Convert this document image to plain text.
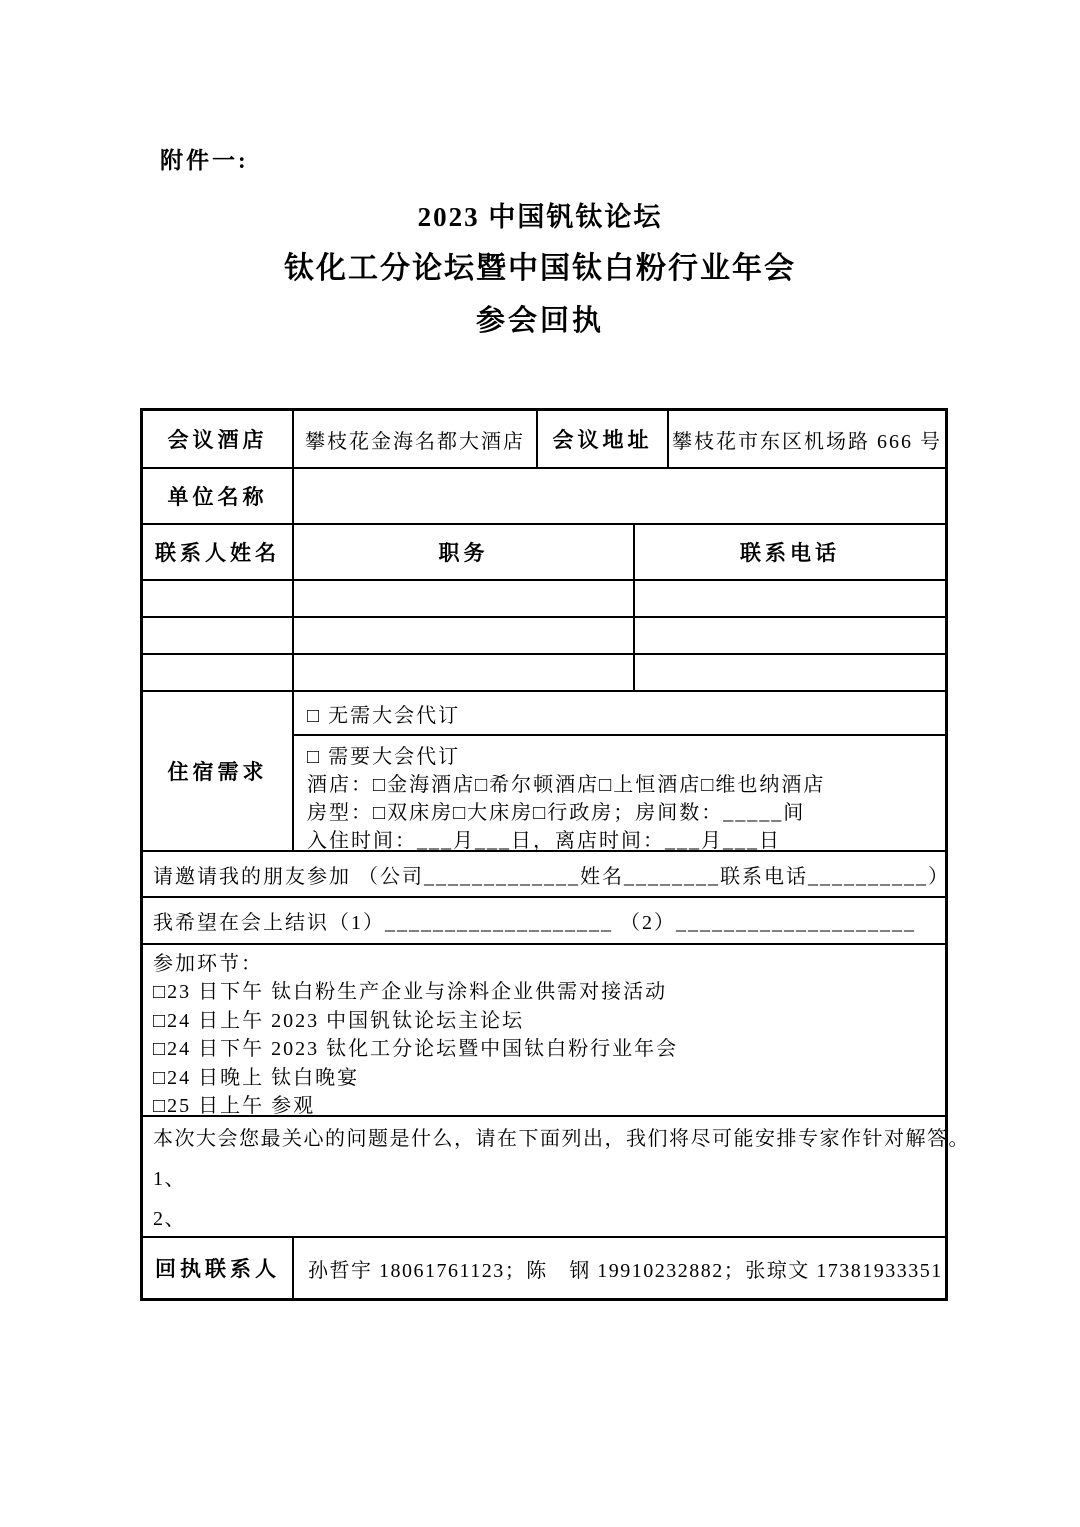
附件一:
2023 中国钒钛论坛
钛化工分论坛暨中国钛白粉行业年会
参会回执
会议酒店	攀枝花金海名都大酒店	会议地址 攀枝花市东区机场路 666 号
单位名称
联系人姓名	职务	联系电话
住宿需求
□ 无需大会代订
□ 需要大会代订
酒店：□金海酒店□希尔顿酒店□上恒酒店□维也纳酒店
房型：□双床房□大床房□行政房；房间数：_____间
入住时间：___月___日，离店时间：___月___日
请邀请我的朋友参加 （公司_____________姓名________联系电话__________）
我希望在会上结识（1）___________________ （2）____________________
参加环节：
□23 日下午 钛白粉生产企业与涂料企业供需对接活动
□24 日上午 2023 中国钒钛论坛主论坛
□24 日下午 2023 钛化工分论坛暨中国钛白粉行业年会
□24 日晚上 钛白晚宴
□25 日上午 参观
本次大会您最关心的问题是什么，请在下面列出，我们将尽可能安排专家作针对解答。
1、
2、
回执联系人	孙哲宇 18061761123；陈　钢 19910232882；张琼文 17381933351
